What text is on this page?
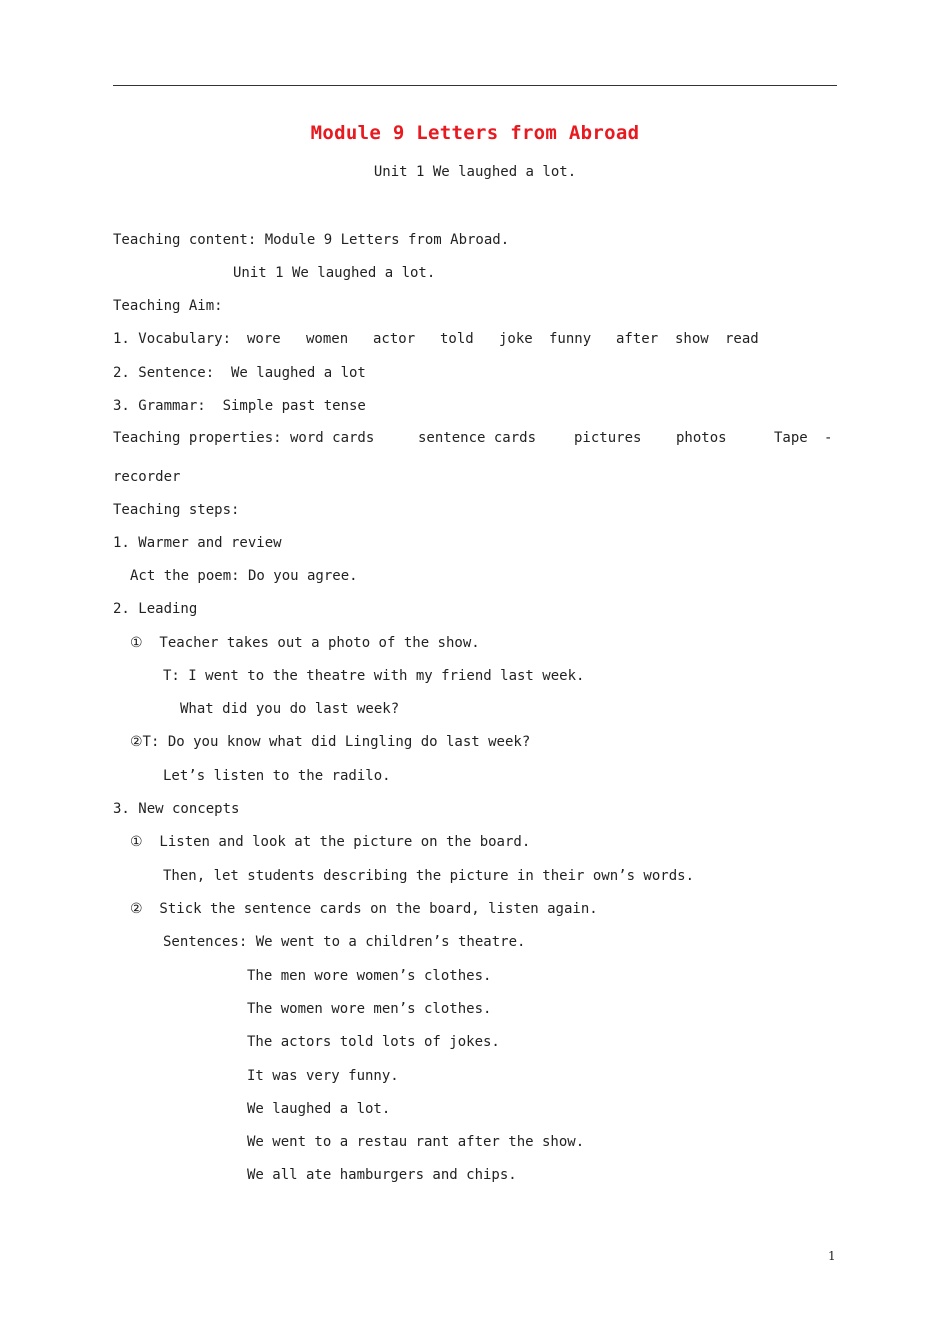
Module 9 Letters from Abroad
Unit 1 We laughed a lot.
Teaching content: Module 9 Letters from Abroad.
Unit 1 We laughed a lot.
Teaching Aim:

1. Vocabulary:

wore

women

actor

told

joke

funny

after

show

read

2. Sentence:  We laughed a lot
3. Grammar:  Simple past tense
Teaching properties: word cards	sentence cards	pictures photos	Tape -
recorder
Teaching steps:
1. Warmer and review
Act the poem: Do you agree.
2. Leading
①  Teacher takes out a photo of the show.
T: I went to the theatre with my friend last week.
What did you do last week?
②T: Do you know what did Lingling do last week?
Let’s listen to the radilo.
3. New concepts
①  Listen and look at the picture on the board.
Then, let students describing the picture in their own’s words.
②  Stick the sentence cards on the board, listen again.
Sentences: We went to a children’s theatre.
The men wore women’s clothes.
The women wore men’s clothes.
The actors told lots of jokes.
It was very funny.
We laughed a lot.
We went to a restau rant after the show.
We all ate hamburgers and chips.
1
